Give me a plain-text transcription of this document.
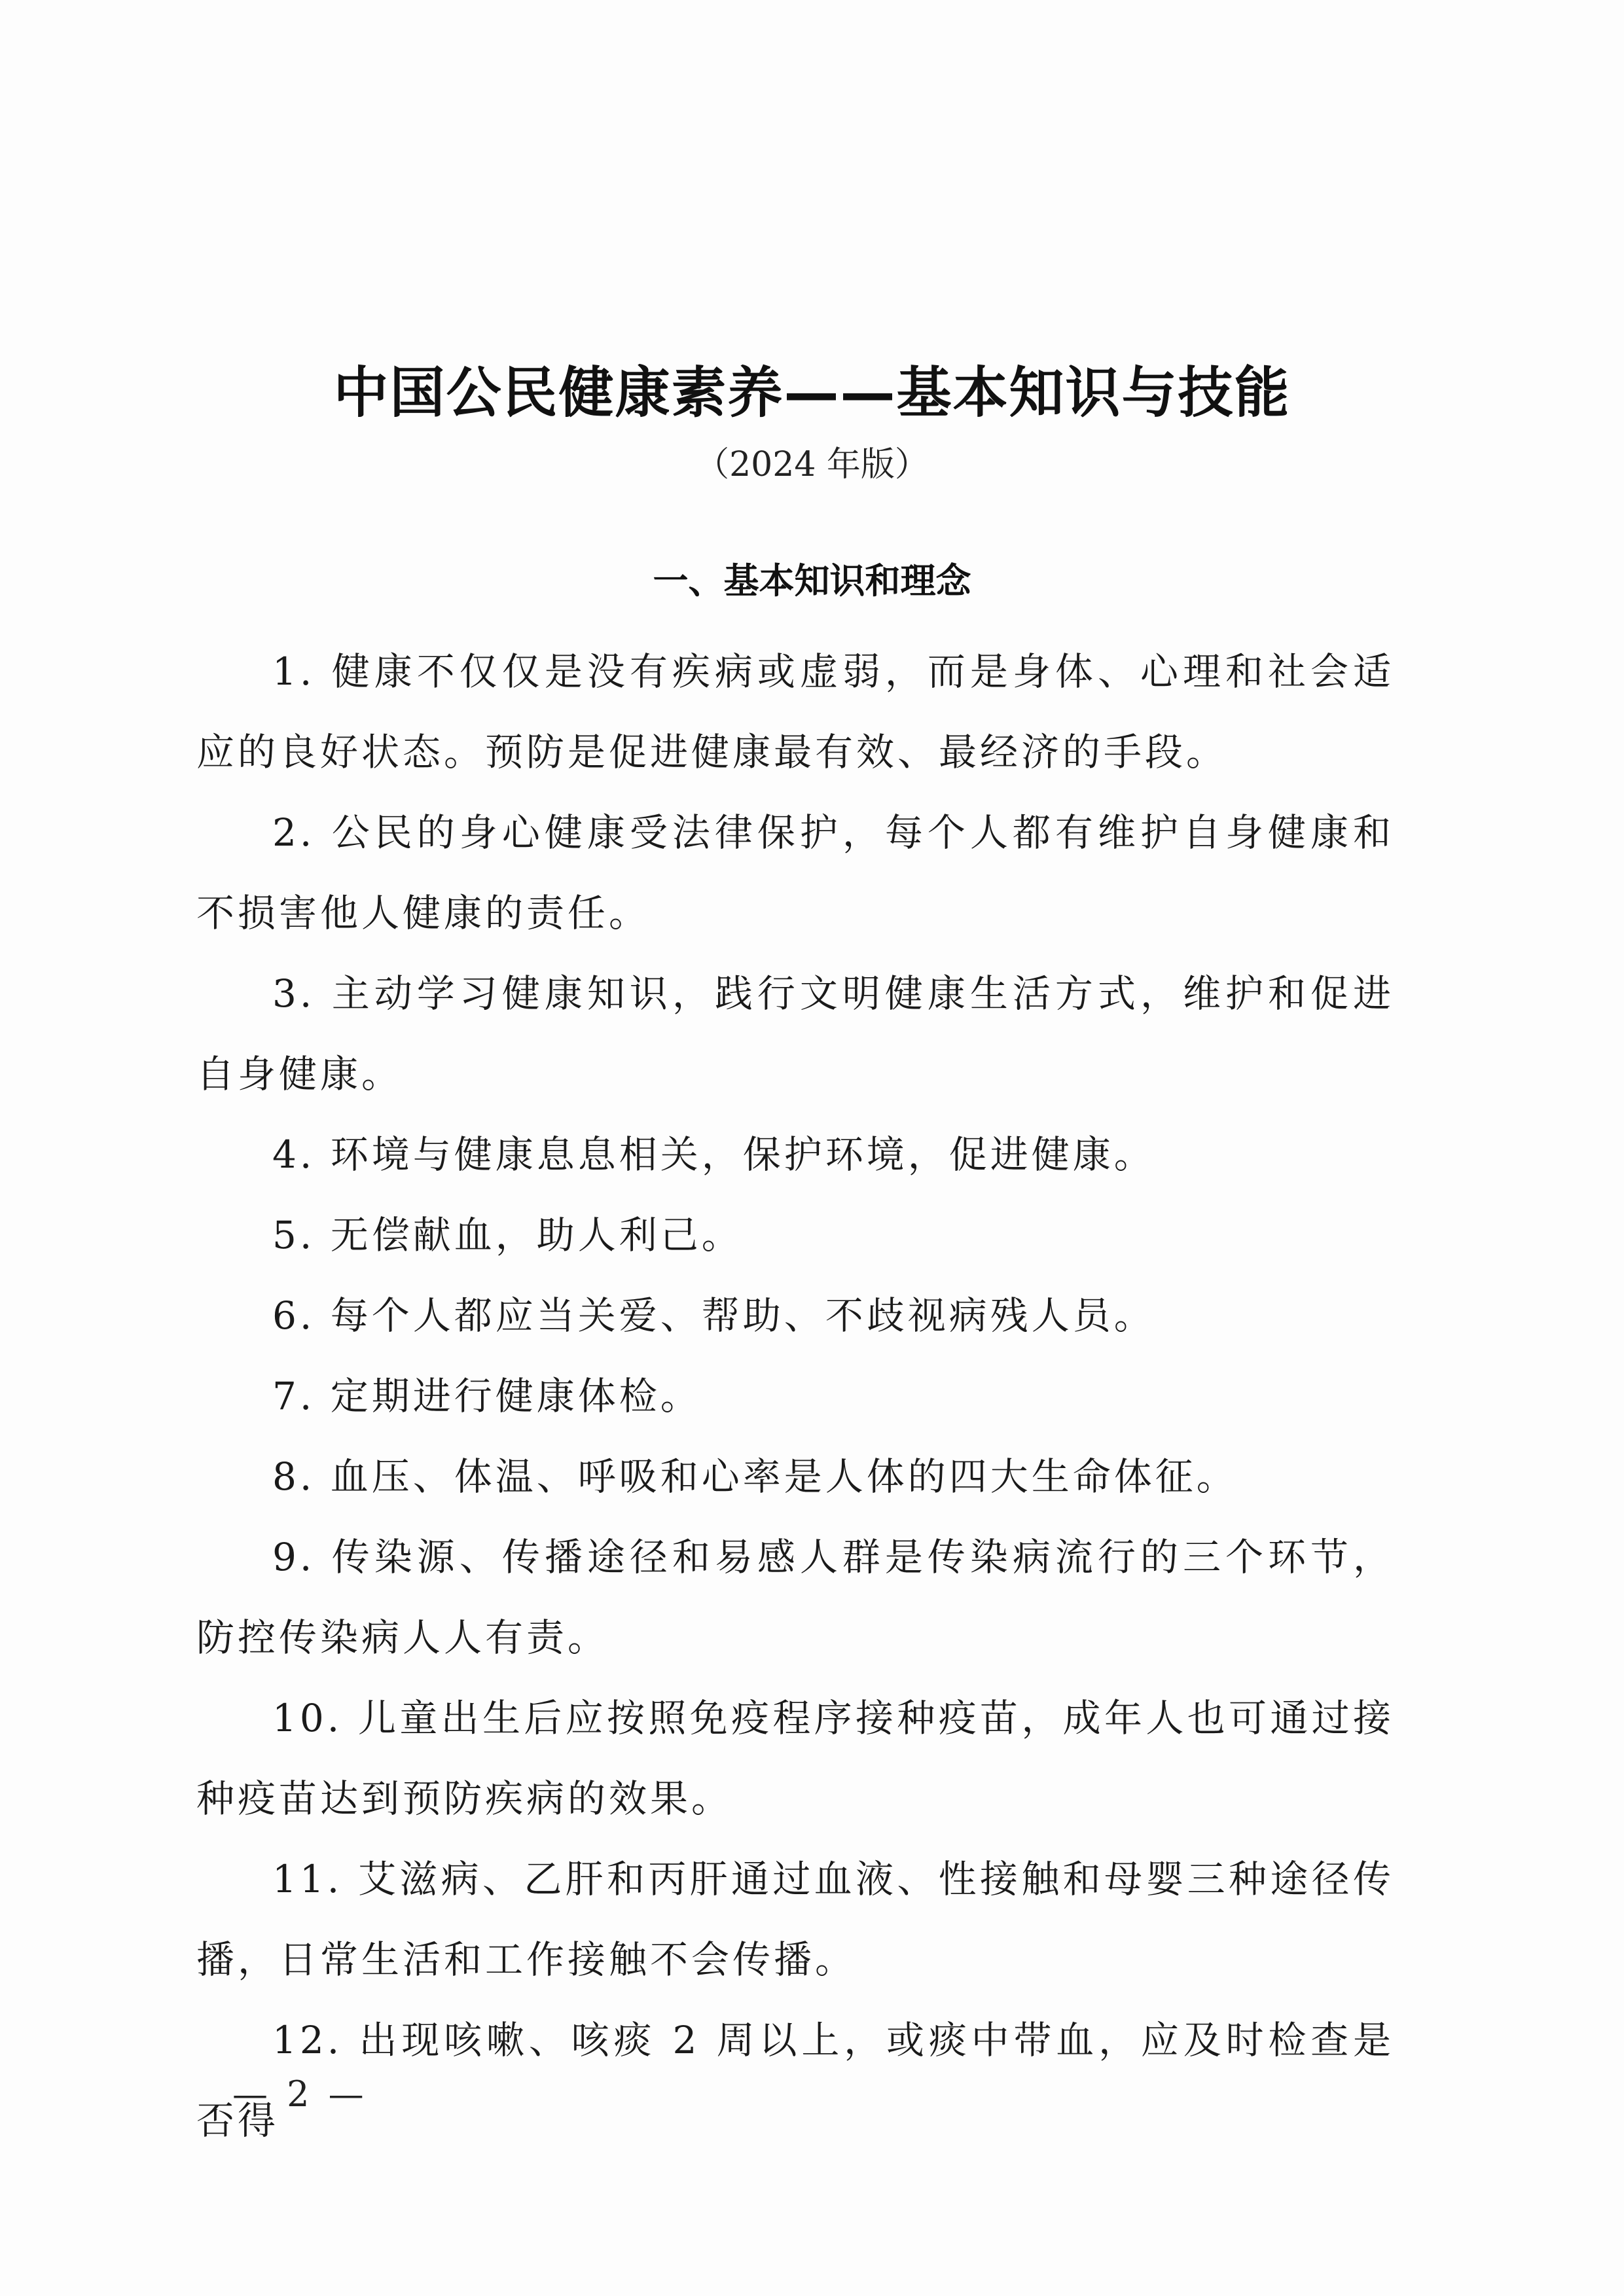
中国公民健康素养——基本知识与技能
（2024 年版）
一、基本知识和理念

1. 健康不仅仅是没有疾病或虚弱，而是身体、心理和社会适应的良好状态。预防是促进健康最有效、最经济的手段。

2. 公民的身心健康受法律保护，每个人都有维护自身健康和不损害他人健康的责任。

3. 主动学习健康知识，践行文明健康生活方式，维护和促进自身健康。

4. 环境与健康息息相关，保护环境，促进健康。

5. 无偿献血，助人利己。

6. 每个人都应当关爱、帮助、不歧视病残人员。

7. 定期进行健康体检。

8. 血压、体温、呼吸和心率是人体的四大生命体征。

9. 传染源、传播途径和易感人群是传染病流行的三个环节，防控传染病人人有责。

10. 儿童出生后应按照免疫程序接种疫苗，成年人也可通过接种疫苗达到预防疾病的效果。

11. 艾滋病、乙肝和丙肝通过血液、性接触和母婴三种途径传播，日常生活和工作接触不会传播。

12. 出现咳嗽、咳痰 2 周以上，或痰中带血，应及时检查是否得

— 2 —
